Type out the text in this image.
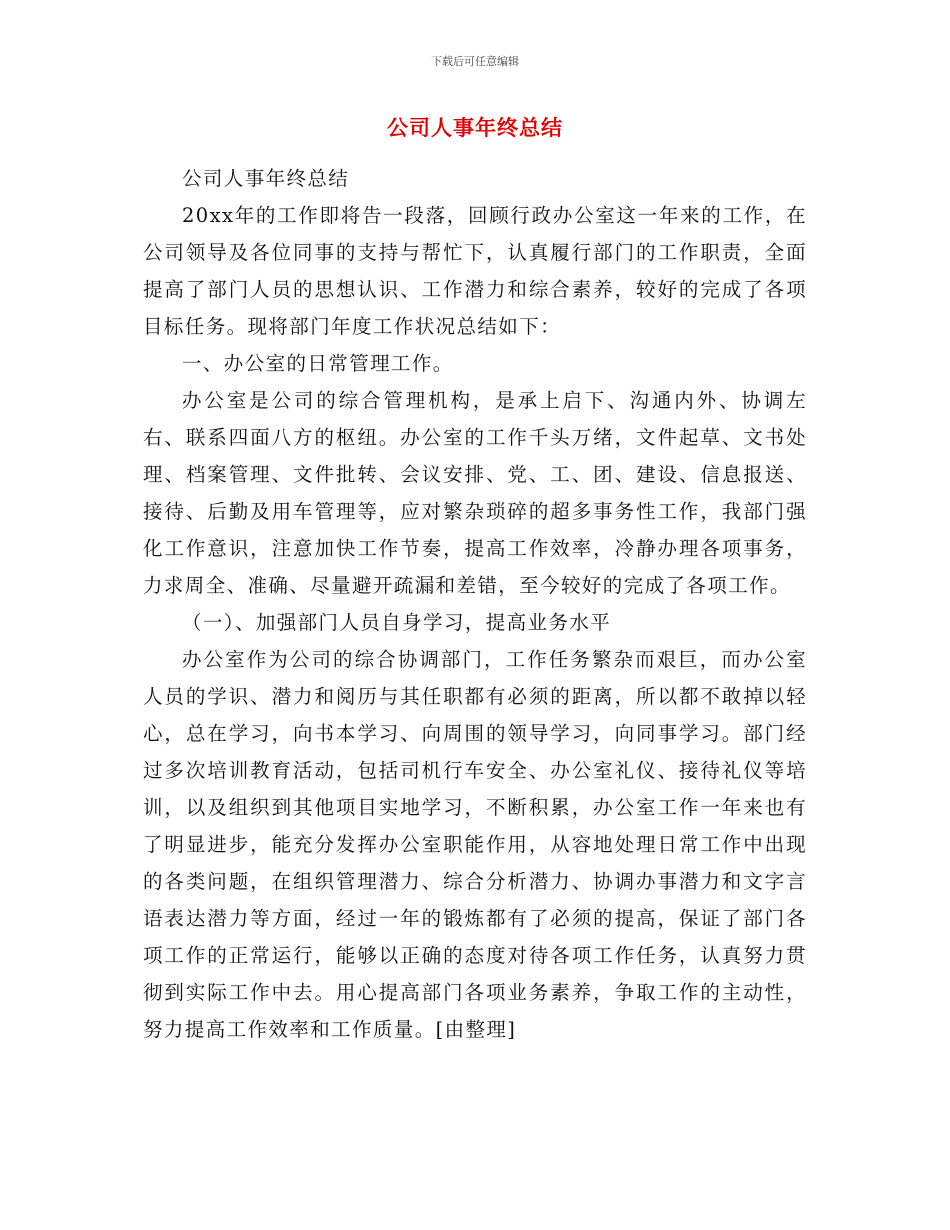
下载后可任意编辑
公司人事年终总结

公司人事年终总结

20xx年的工作即将告一段落，回顾行政办公室这一年来的工作，在公司领导及各位同事的支持与帮忙下，认真履行部门的工作职责，全面提高了部门人员的思想认识、工作潜力和综合素养，较好的完成了各项目标任务。现将部门年度工作状况总结如下：

一、办公室的日常管理工作。

办公室是公司的综合管理机构，是承上启下、沟通内外、协调左右、联系四面八方的枢纽。办公室的工作千头万绪，文件起草、文书处理、档案管理、文件批转、会议安排、党、工、团、建设、信息报送、接待、后勤及用车管理等，应对繁杂琐碎的超多事务性工作，我部门强化工作意识，注意加快工作节奏，提高工作效率，冷静办理各项事务，力求周全、准确、尽量避开疏漏和差错，至今较好的完成了各项工作。

（一）、加强部门人员自身学习，提高业务水平

办公室作为公司的综合协调部门，工作任务繁杂而艰巨，而办公室人员的学识、潜力和阅历与其任职都有必须的距离，所以都不敢掉以轻心，总在学习，向书本学习、向周围的领导学习，向同事学习。部门经过多次培训教育活动，包括司机行车安全、办公室礼仪、接待礼仪等培训，以及组织到其他项目实地学习，不断积累，办公室工作一年来也有了明显进步，能充分发挥办公室职能作用，从容地处理日常工作中出现的各类问题，在组织管理潜力、综合分析潜力、协调办事潜力和文字言语表达潜力等方面，经过一年的锻炼都有了必须的提高，保证了部门各项工作的正常运行，能够以正确的态度对待各项工作任务，认真努力贯彻到实际工作中去。用心提高部门各项业务素养，争取工作的主动性，努力提高工作效率和工作质量。[由整理]
